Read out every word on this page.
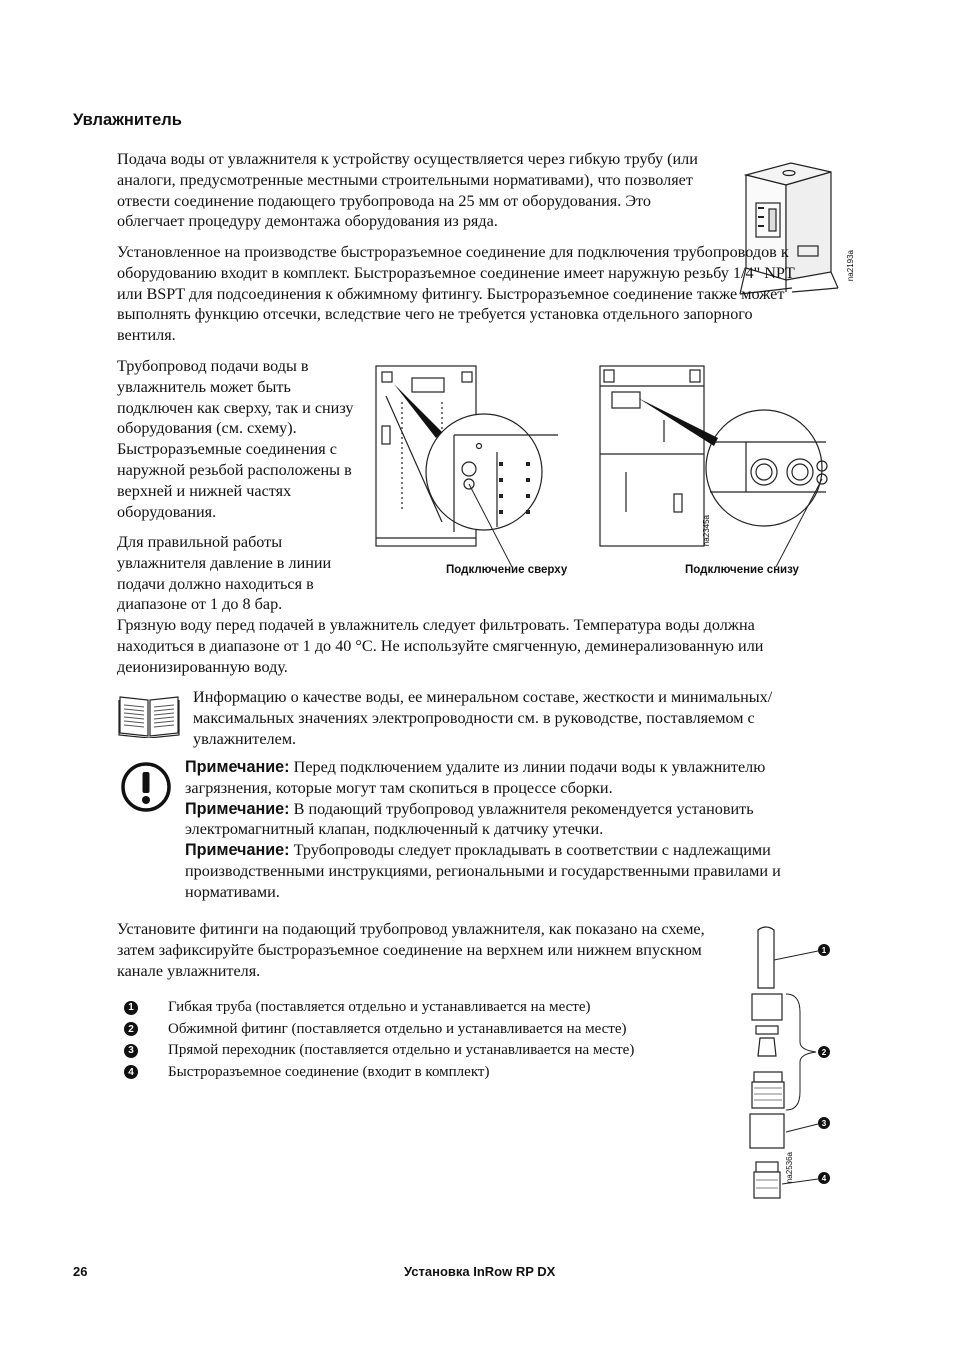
Увлажнитель

Подача воды от увлажнителя к устройству осуществляется через гибкую трубу (или аналоги, предусмотренные местными строительными нормативами), что позволяет отвести соединение подающего трубопровода на 25 мм от оборудования. Это облегчает процедуру демонтажа оборудования из ряда.

na2193a

Установленное на производстве быстроразъемное соединение для подключения трубопроводов к оборудованию входит в комплект. Быстроразъемное соединение имеет наружную резьбу 1/4" NPT или BSPT для подсоединения к обжимному фитингу. Быстроразъемное соединение также может выполнять функцию отсечки, вследствие чего не требуется установка отдельного запорного вентиля.

Трубопровод подачи воды в увлажнитель может быть подключен как сверху, так и снизу оборудования (см. схему). Быстроразъемные соединения с наружной резьбой расположены в верхней и нижней частях оборудования.

Для правильной работы увлажнителя давление в линии подачи должно находиться в диапазоне от 1 до 8 бар.

Подключение сверху
na2345a
Подключение снизу

Грязную воду перед подачей в увлажнитель следует фильтровать. Температура воды должна находиться в диапазоне от 1 до 40 °C. Не используйте смягченную, деминерализованную или деионизированную воду.

Информацию о качестве воды, ее минеральном составе, жесткости и минимальных/максимальных значениях электропроводности см. в руководстве, поставляемом с увлажнителем.

Примечание: Перед подключением удалите из линии подачи воды к увлажнителю загрязнения, которые могут там скопиться в процессе сборки.

Примечание: В подающий трубопровод увлажнителя рекомендуется установить электромагнитный клапан, подключенный к датчику утечки.

Примечание: Трубопроводы следует прокладывать в соответствии с надлежащими производственными инструкциями, региональными и государственными правилами и нормативами.

Установите фитинги на подающий трубопровод увлажнителя, как показано на схеме, затем зафиксируйте быстроразъемное соединение на верхнем или нижнем впускном канале увлажнителя.

1 Гибкая труба (поставляется отдельно и устанавливается на месте)
2 Обжимной фитинг (поставляется отдельно и устанавливается на месте)
3 Прямой переходник (поставляется отдельно и устанавливается на месте)
4 Быстроразъемное соединение (входит в комплект)
1
2
3
4
na2536a
26	Установка InRow RP DX
